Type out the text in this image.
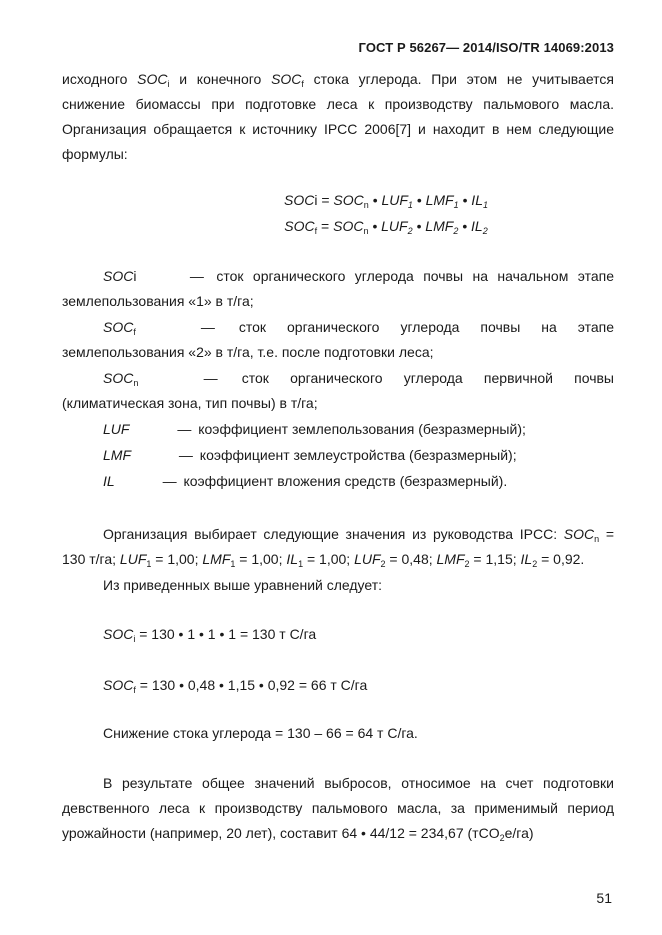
ГОСТ Р 56267— 2014/ISO/TR 14069:2013

исходного $SOC_i$ и конечного $SOC_f$ стока углерода. При этом не учитывается снижение биомассы при подготовке леса к производству пальмового масла. Организация обращается к источнику IPCC 2006[7] и находит в нем следующие формулы:

SOCi = $SOC_n$ • $LUF_1$ • $LMF_1$ • $IL_1$
$SOC_f = SOC_n$ • $LUF_2$ • $LMF_2$ • $IL_2$

SOCi	— сток органического углерода почвы на начальном этапе землепользования «1» в т/га;

$SOC_f$	— сток органического углерода почвы на этапе землепользования «2» в т/га, т.е. после подготовки леса;

$SOC_n$	— сток органического углерода первичной почвы (климатическая зона, тип почвы) в т/га;

LUF	— коэффициент землепользования (безразмерный);

LMF	— коэффициент землеустройства (безразмерный);

IL	— коэффициент вложения средств (безразмерный).

Организация выбирает следующие значения из руководства IPCC: $SOC_n = 130$ т/га; $LUF_1 = 1,00$; $LMF_1 = 1,00$; $IL_1 = 1,00$; $LUF_2 = 0,48$; $LMF_2 = 1,15$; $IL_2 = 0,92$.

Из приведенных выше уравнений следует:

$SOC_i = 130$ • 1 • 1 • 1 = 130 т С/га
$SOC_f = 130$ • 0,48 • 1,15 • 0,92 = 66 т С/га
Снижение стока углерода = 130 – 66 = 64 т С/га.

В результате общее значений выбросов, относимое на счет подготовки девственного леса к производству пальмового масла, за применимый период урожайности (например, 20 лет), составит 64 • 44/12 = 234,67 (тCO$_2$е/га)

51
